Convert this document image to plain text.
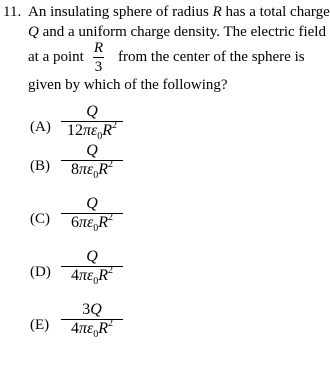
11. An insulating sphere of radius R has a total charge
Q and a uniform charge density. The electric field
at a point
R
3
from the center of the sphere is
given by which of the following?
(A)
Q
$12\pi\varepsilon_0R^2$
(B)
Q
$8\pi\varepsilon_0R^2$
(C)
Q
$6\pi\varepsilon_0R^2$
(D)
Q
$4\pi\varepsilon_0R^2$
(E)
3Q
$4\pi\varepsilon_0R^2$
